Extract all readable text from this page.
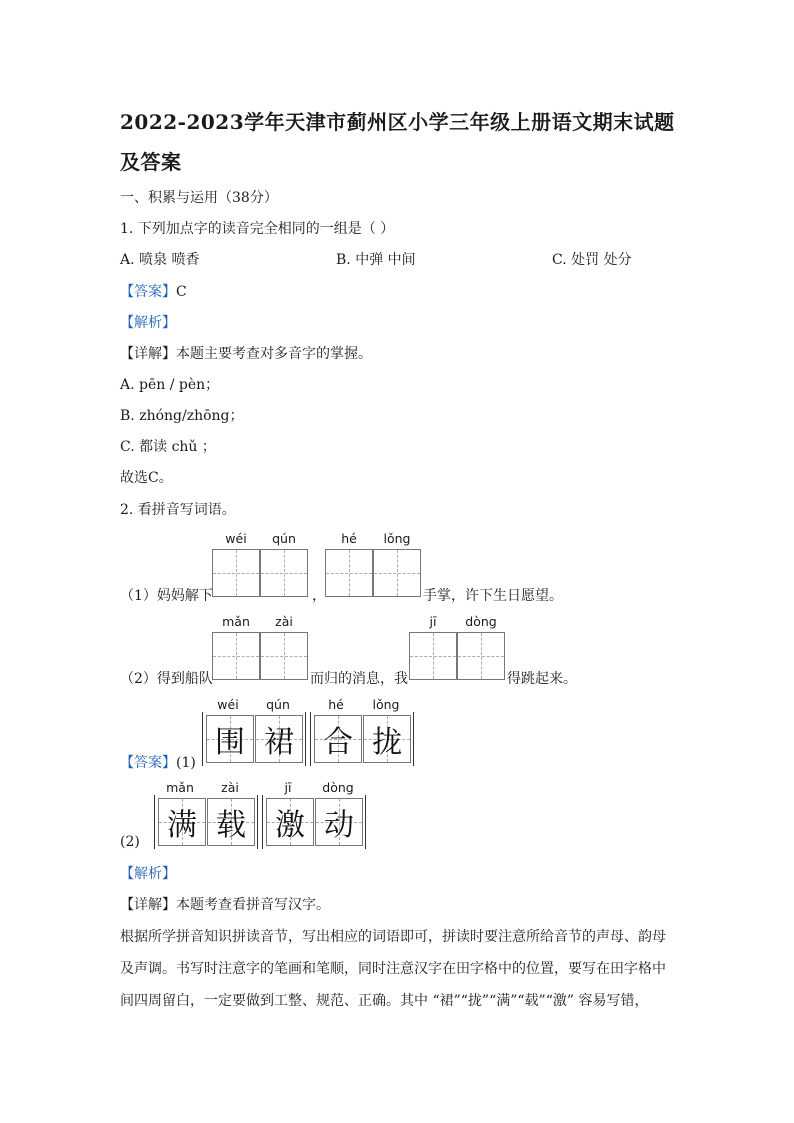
2022-2023学年天津市蓟州区小学三年级上册语文期末试题
及答案
一、积累与运用（38分）
1. 下列加点字的读音完全相同的一组是（ ）
A. 喷泉 喷香	B. 中弹 中间	C. 处罚 处分
【答案】C
【解析】
【详解】本题主要考查对多音字的掌握。
A. pēn / pèn；
B. zhóng/zhōng；
C. 都读 chǔ ；
故选C。
2. 看拼音写词语。
wéi	qún	hé	lǒng
（1）妈妈解下	，	手掌，许下生日愿望。
mǎn	zài	jī	dòng
（2）得到船队	而归的消息，我	得跳起来。
wéi	qún	hé	lǒng
围 裙 合 拢
【答案】(1)
mǎn	zài	jī	dòng
满 载 激 动
(2)
【解析】
【详解】本题考查看拼音写汉字。
根据所学拼音知识拼读音节，写出相应的词语即可，拼读时要注意所给音节的声母、韵母
及声调。书写时注意字的笔画和笔顺，同时注意汉字在田字格中的位置，要写在田字格中
间四周留白，一定要做到工整、规范、正确。其中 “裙”“拢”“满”“载”“激” 容易写错，
